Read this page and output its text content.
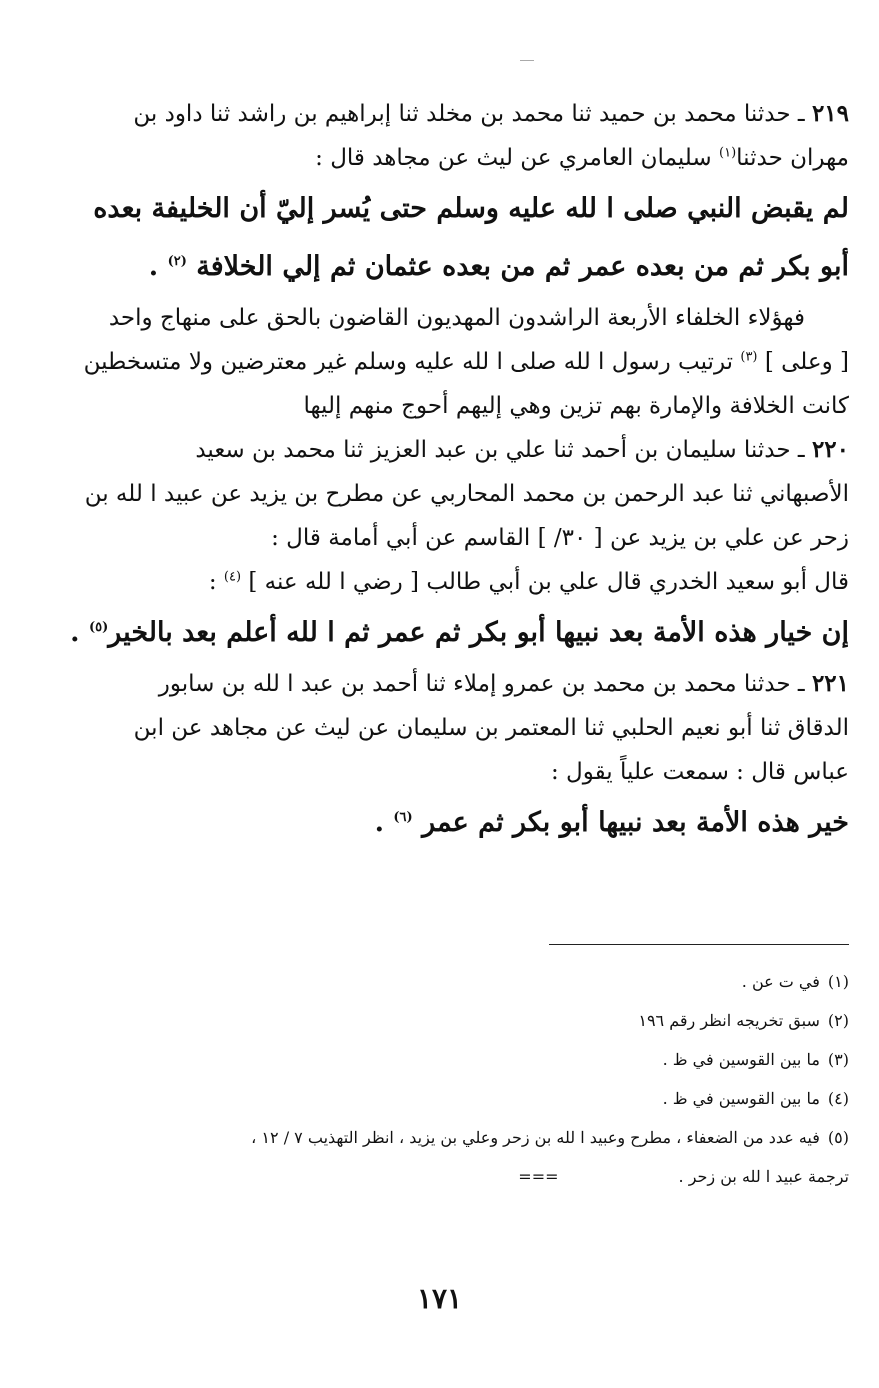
٢١٩ ـ حدثنا محمد بن حميد ثنا محمد بن مخلد ثنا إبراهيم بن راشد ثنا داود بن
مهران حدثنا$^{(١)}$ سليمان العامري عن ليث عن مجاهد قال :
لم يقبض النبي صلى ا لله عليه وسلم حتى يُسر إليّ أن الخليفة بعده
أبو بكر ثم من بعده عمر ثم من بعده عثمان ثم إلي الخلافة $^{(٢)}$ .
فهؤلاء الخلفاء الأربعة الراشدون المهديون القاضون بالحق على منهاج واحد
[ وعلى ] $^{(٣)}$ ترتيب رسول ا لله صلى ا لله عليه وسلم غير معترضين ولا متسخطين
كانت الخلافة والإمارة بهم تزين وهي إليهم أحوج منهم إليها
٢٢٠ ـ حدثنا سليمان بن أحمد ثنا علي بن عبد العزيز ثنا محمد بن سعيد
الأصبهاني ثنا عبد الرحمن بن محمد المحاربي عن مطرح بن يزيد عن عبيد ا لله بن
زحر عن علي بن يزيد عن [ ٣٠/ ] القاسم عن أبي أمامة قال :
قال أبو سعيد الخدري قال علي بن أبي طالب [ رضي ا لله عنه ] $^{(٤)}$ :
إن خيار هذه الأمة بعد نبيها أبو بكر ثم عمر ثم ا لله أعلم بعد بالخير$^{(٥)}$ .
٢٢١ ـ حدثنا محمد بن محمد بن عمرو إملاء ثنا أحمد بن عبد ا لله بن سابور
الدقاق ثنا أبو نعيم الحلبي ثنا المعتمر بن سليمان عن ليث عن مجاهد عن ابن
عباس قال : سمعت علياً يقول :
خير هذه الأمة بعد نبيها أبو بكر ثم عمر $^{(٦)}$ .
(١)في ت عن .
(٢)سبق تخريجه انظر رقم ١٩٦
(٣)ما بين القوسين في ظ .
(٤)ما بين القوسين في ظ .
(٥)فيه عدد من الضعفاء ، مطرح وعبيد ا لله بن زحر وعلي بن يزيد ، انظر التهذيب ٧ / ١٢ ،
ترجمة عبيد ا لله بن زحر .===
١٧١
